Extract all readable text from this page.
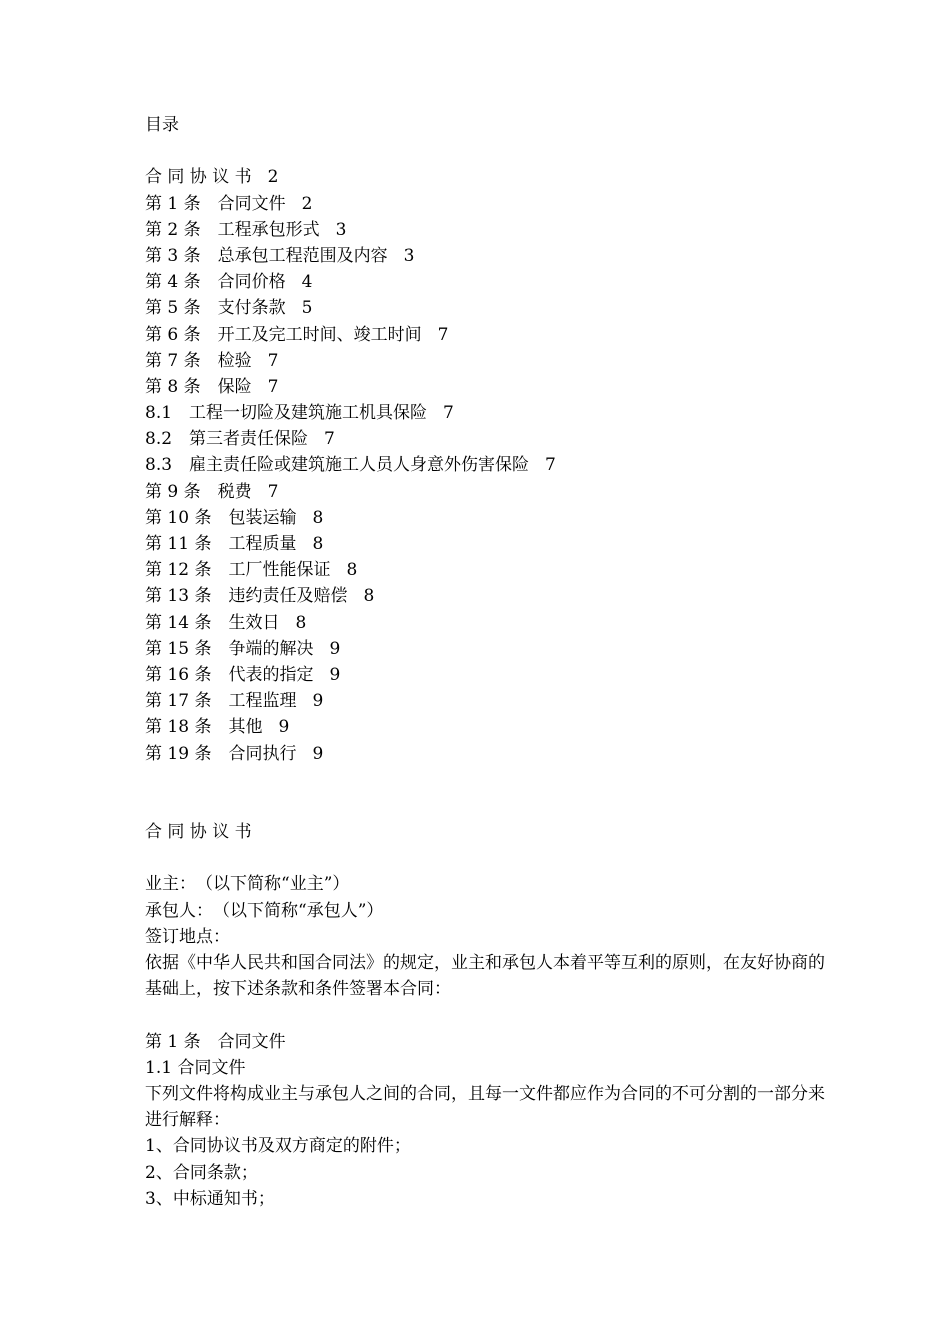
目录
合 同 协 议 书 2
第 1 条　合同文件 2
第 2 条　工程承包形式 3
第 3 条　总承包工程范围及内容 3
第 4 条　合同价格 4
第 5 条　支付条款 5
第 6 条　开工及完工时间、竣工时间 7
第 7 条　检验 7
第 8 条　保险 7
8.1　工程一切险及建筑施工机具保险 7
8.2　第三者责任保险 7
8.3　雇主责任险或建筑施工人员人身意外伤害保险 7
第 9 条　税费 7
第 10 条　包装运输 8
第 11 条　工程质量 8
第 12 条　工厂性能保证 8
第 13 条　违约责任及赔偿 8
第 14 条　生效日 8
第 15 条　争端的解决 9
第 16 条　代表的指定 9
第 17 条　工程监理 9
第 18 条　其他 9
第 19 条　合同执行 9
合 同 协 议 书
业主：　（以下简称“业主”）
承包人：　（以下简称“承包人”）
签订地点：
依据《中华人民共和国合同法》的规定，业主和承包人本着平等互利的原则，在友好协商的基础上，按下述条款和条件签署本合同：
第 1 条　合同文件
1.1 合同文件
下列文件将构成业主与承包人之间的合同，且每一文件都应作为合同的不可分割的一部分来进行解释：
1、合同协议书及双方商定的附件；
2、合同条款；
3、中标通知书；
